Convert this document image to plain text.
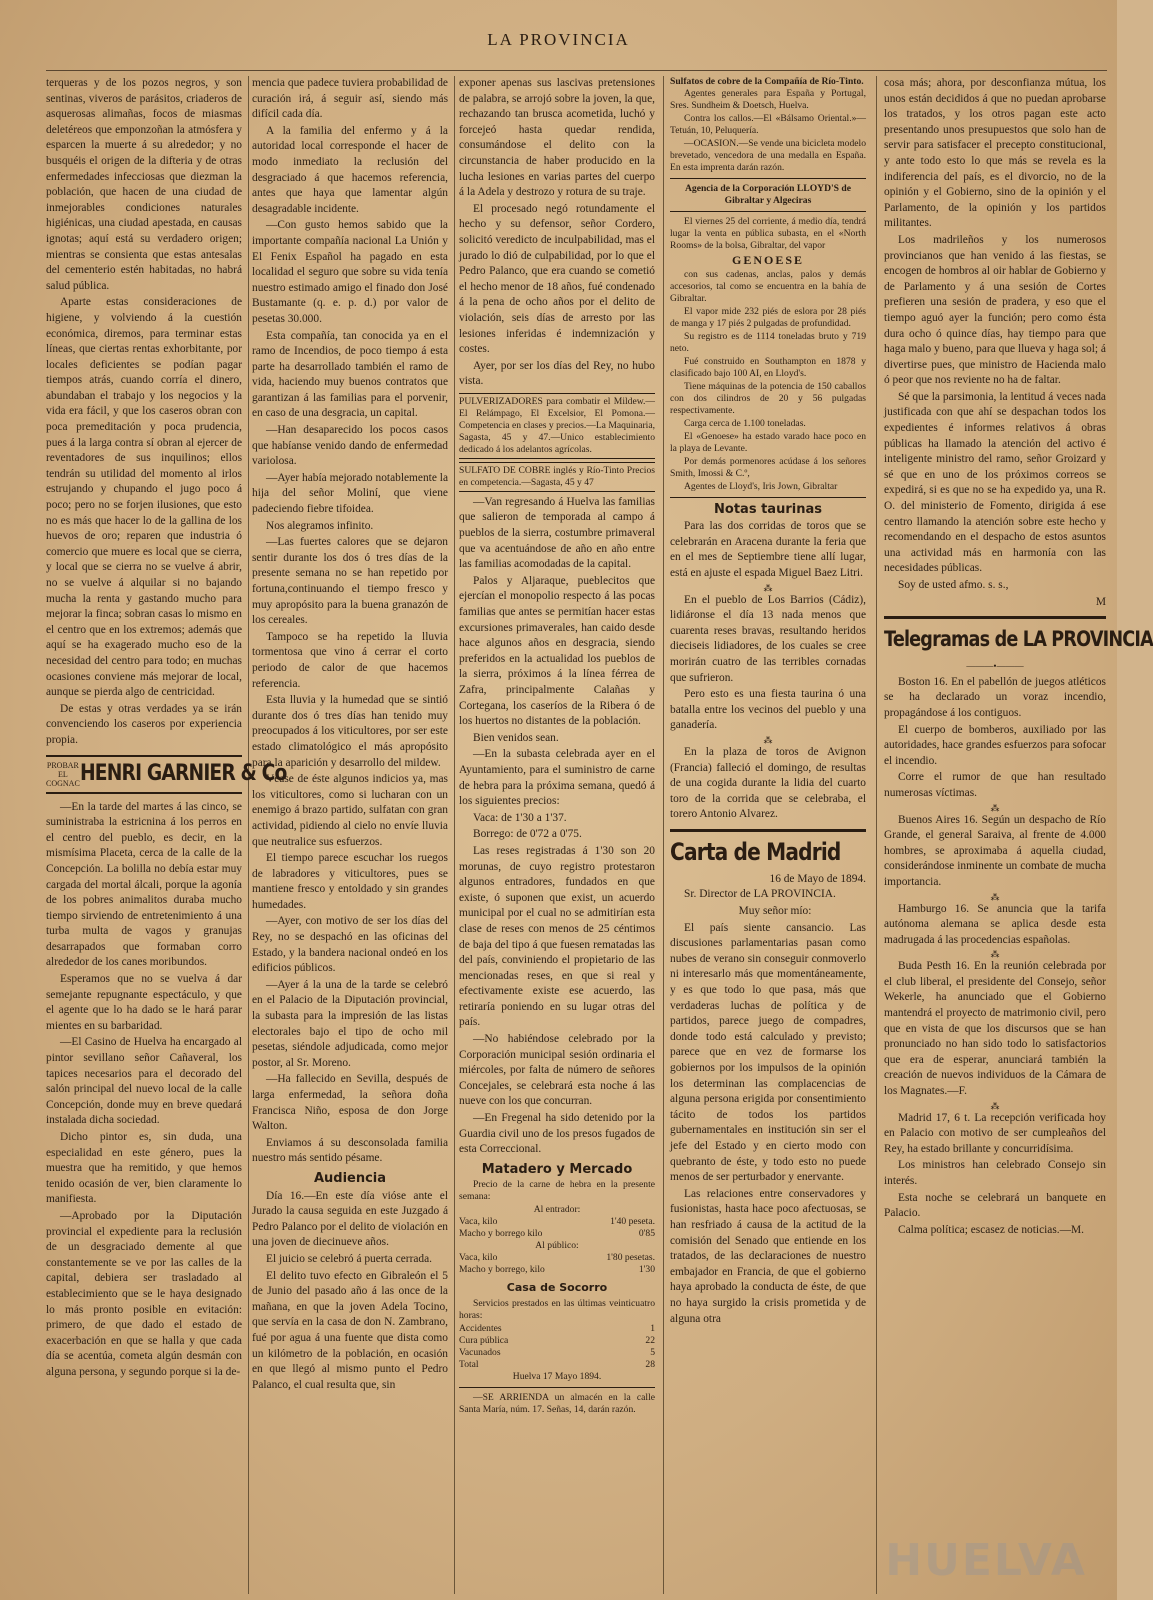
LA PROVINCIA

terqueras y de los pozos negros, y son sentinas, viveros de parásitos, criaderos de asquerosas alimañas, focos de miasmas deletéreos que emponzoñan la atmósfera y esparcen la muerte á su alrededor; y no busquéis el origen de la difteria y de otras enfermedades infecciosas que diezman la población, que hacen de una ciudad de inmejorables condiciones naturales higiénicas, una ciudad apestada, en causas ignotas; aquí está su verdadero origen; mientras se consienta que estas antesalas del cementerio estén habitadas, no habrá salud pública.

Aparte estas consideraciones de higiene, y volviendo á la cuestión económica, diremos, para terminar estas líneas, que ciertas rentas exhorbitante, por locales deficientes se podían pagar tiempos atrás, cuando corría el dinero, abundaban el trabajo y los negocios y la vida era fácil, y que los caseros obran con poca premeditación y poca prudencia, pues á la larga contra sí obran al ejercer de reventadores de sus inquilinos; ellos tendrán su utilidad del momento al irlos estrujando y chupando el jugo poco á poco; pero no se forjen ilusiones, que esto no es más que hacer lo de la gallina de los huevos de oro; reparen que industria ó comercio que muere es local que se cierra, y local que se cierra no se vuelve á abrir, no se vuelve á alquilar si no bajando mucha la renta y gastando mucho para mejorar la finca; sobran casas lo mismo en el centro que en los extremos; además que aquí se ha exagerado mucho eso de la necesidad del centro para todo; en muchas ocasiones conviene más mejorar de local, aunque se pierda algo de centricidad.

De estas y otras verdades ya se irán convenciendo los caseros por experiencia propia.

PROBAR EL COGNAC HENRI GARNIER & Co

—En la tarde del martes á las cinco, se suministraba la estricnina á los perros en el centro del pueblo, es decir, en la mismísima Placeta, cerca de la calle de la Concepción. La bolilla no debía estar muy cargada del mortal álcali, porque la agonía de los pobres animalitos duraba mucho tiempo sirviendo de entretenimiento á una turba multa de vagos y granujas desarrapados que formaban corro alrededor de los canes moribundos.

Esperamos que no se vuelva á dar semejante repugnante espectáculo, y que el agente que lo ha dado se le hará parar mientes en su barbaridad.

—El Casino de Huelva ha encargado al pintor sevillano señor Cañaveral, los tapices necesarios para el decorado del salón principal del nuevo local de la calle Concepción, donde muy en breve quedará instalada dicha sociedad.

Dicho pintor es, sin duda, una especialidad en este género, pues la muestra que ha remitido, y que hemos tenido ocasión de ver, bien claramente lo manifiesta.

—Aprobado por la Diputación provincial el expediente para la reclusión de un desgraciado demente al que constantemente se ve por las calles de la capital, debiera ser trasladado al establecimiento que se le haya designado lo más pronto posible en evitación: primero, de que dado el estado de exacerbación en que se halla y que cada día se acentúa, cometa algún desmán con alguna persona, y segundo porque si la de-

mencia que padece tuviera probabilidad de curación irá, á seguir así, siendo más difícil cada día.

A la familia del enfermo y á la autoridad local corresponde el hacer de modo inmediato la reclusión del desgraciado á que hacemos referencia, antes que haya que lamentar algún desagradable incidente.

—Con gusto hemos sabido que la importante compañía nacional La Unión y El Fenix Español ha pagado en esta localidad el seguro que sobre su vida tenía nuestro estimado amigo el finado don José Bustamante (q. e. p. d.) por valor de pesetas 30.000.

Esta compañía, tan conocida ya en el ramo de Incendios, de poco tiempo á esta parte ha desarrollado también el ramo de vida, haciendo muy buenos contratos que garantizan á las familias para el porvenir, en caso de una desgracia, un capital.

—Han desaparecido los pocos casos que habíanse venido dando de enfermedad variolosa.

—Ayer había mejorado notablemente la hija del señor Moliní, que viene padeciendo fiebre tifoidea.

Nos alegramos infinito.

—Las fuertes calores que se dejaron sentir durante los dos ó tres días de la presente semana no se han repetido por fortuna,continuando el tiempo fresco y muy apropósito para la buena granazón de los cereales.

Tampoco se ha repetido la lluvia tormentosa que vino á cerrar el corto periodo de calor de que hacemos referencia.

Esta lluvia y la humedad que se sintió durante dos ó tres días han tenido muy preocupados á los viticultores, por ser este estado climatológico el más apropósito para la aparición y desarrollo del mildew.

Véase de éste algunos indicios ya, mas los viticultores, como si lucharan con un enemigo á brazo partido, sulfatan con gran actividad, pidiendo al cielo no envíe lluvia que neutralice sus esfuerzos.

El tiempo parece escuchar los ruegos de labradores y viticultores, pues se mantiene fresco y entoldado y sin grandes humedades.

—Ayer, con motivo de ser los días del Rey, no se despachó en las oficinas del Estado, y la bandera nacional ondeó en los edificios públicos.

—Ayer á la una de la tarde se celebró en el Palacio de la Diputación provincial, la subasta para la impresión de las listas electorales bajo el tipo de ocho mil pesetas, siéndole adjudicada, como mejor postor, al Sr. Moreno.

—Ha fallecido en Sevilla, después de larga enfermedad, la señora doña Francisca Niño, esposa de don Jorge Walton.

Enviamos á su desconsolada familia nuestro más sentido pésame.

Audiencia

Día 16.—En este día vióse ante el Jurado la causa seguida en este Juzgado á Pedro Palanco por el delito de violación en una joven de diecinueve años.

El juicio se celebró á puerta cerrada.

El delito tuvo efecto en Gibraleón el 5 de Junio del pasado año á las once de la mañana, en que la joven Adela Tocino, que servía en la casa de don N. Zambrano, fué por agua á una fuente que dista como un kilómetro de la población, en ocasión en que llegó al mismo punto el Pedro Palanco, el cual resulta que, sin

exponer apenas sus lascivas pretensiones de palabra, se arrojó sobre la joven, la que, rechazando tan brusca acometida, luchó y forcejeó hasta quedar rendida, consumándose el delito con la circunstancia de haber producido en la lucha lesiones en varias partes del cuerpo á la Adela y destrozo y rotura de su traje.

El procesado negó rotundamente el hecho y su defensor, señor Cordero, solicitó veredicto de inculpabilidad, mas el jurado lo dió de culpabilidad, por lo que el Pedro Palanco, que era cuando se cometió el hecho menor de 18 años, fué condenado á la pena de ocho años por el delito de violación, seis días de arresto por las lesiones inferidas é indemnización y costes.

Ayer, por ser los días del Rey, no hubo vista.

PULVERIZADORES para combatir el Mildew.—El Relámpago, El Excelsior, El Pomona.—Competencia en clases y precios.—La Maquinaria, Sagasta, 45 y 47.—Unico establecimiento dedicado á los adelantos agrícolas.
SULFATO DE COBRE inglés y Río-Tinto Precios en competencia.—Sagasta, 45 y 47

—Van regresando á Huelva las familias que salieron de temporada al campo á pueblos de la sierra, costumbre primaveral que va acentuándose de año en año entre las familias acomodadas de la capital.

Palos y Aljaraque, pueblecitos que ejercían el monopolio respecto á las pocas familias que antes se permitían hacer estas excursiones primaverales, han caido desde hace algunos años en desgracia, siendo preferidos en la actualidad los pueblos de la sierra, próximos á la línea férrea de Zafra, principalmente Calañas y Cortegana, los caseríos de la Ribera ó de los huertos no distantes de la población.

Bien venidos sean.

—En la subasta celebrada ayer en el Ayuntamiento, para el suministro de carne de hebra para la próxima semana, quedó á los siguientes precios:

Vaca: de 1'30 a 1'37.

Borrego: de 0'72 a 0'75.

Las reses registradas á 1'30 son 20 morunas, de cuyo registro protestaron algunos entradores, fundados en que existe, ó suponen que exist, un acuerdo municipal por el cual no se admitirían esta clase de reses con menos de 25 céntimos de baja del tipo á que fuesen rematadas las del país, conviniendo el propietario de las mencionadas reses, en que si real y efectivamente existe ese acuerdo, las retiraría poniendo en su lugar otras del país.

—No habiéndose celebrado por la Corporación municipal sesión ordinaria el miércoles, por falta de número de señores Concejales, se celebrará esta noche á las nueve con los que concurran.

—En Fregenal ha sido detenido por la Guardia civil uno de los presos fugados de esta Correccional.

Matadero y Mercado

Precio de la carne de hebra en la presente semana:

Al entrador:
Vaca, kilo	1'40 peseta.
Macho y borrego kilo	0'85
Al público:
Vaca, kilo	1'80 pesetas.
Macho y borrego, kilo	1'30
Casa de Socorro

Servicios prestados en las últimas veinticuatro horas:

Accidentes	1
Cura pública	22
Vacunados	5
Total	28
Huelva 17 Mayo 1894.

—SE ARRIENDA un almacén en la calle Santa María, núm. 17. Señas, 14, darán razón.

Sulfatos de cobre de la Compañía de Río-Tinto.

Agentes generales para España y Portugal, Sres. Sundheim & Doetsch, Huelva.

Contra los callos.—El «Bálsamo Oriental.»—Tetuán, 10, Peluquería.

—OCASION.—Se vende una bicicleta modelo brevetado, vencedora de una medalla en España. En esta imprenta darán razón.

Agencia de la Corporación LLOYD'S de Gibraltar y Algeciras

El viernes 25 del corriente, á medio día, tendrá lugar la venta en pública subasta, en el «North Rooms» de la bolsa, Gibraltar, del vapor

GENOESE

con sus cadenas, anclas, palos y demás accesorios, tal como se encuentra en la bahía de Gibraltar.

El vapor mide 232 piés de eslora por 28 piés de manga y 17 piés 2 pulgadas de profundidad.

Su registro es de 1114 toneladas bruto y 719 neto.

Fué construido en Southampton en 1878 y clasificado bajo 100 AI, en Lloyd's.

Tiene máquinas de la potencia de 150 caballos con dos cilindros de 20 y 56 pulgadas respectivamente.

Carga cerca de 1.100 toneladas.

El «Genoese» ha estado varado hace poco en la playa de Levante.

Por demás pormenores acúdase á los señores Smith, Imossi & C.º,

Agentes de Lloyd's, Iris Jown, Gibraltar

Notas taurinas

Para las dos corridas de toros que se celebrarán en Aracena durante la feria que en el mes de Septiembre tiene allí lugar, está en ajuste el espada Miguel Baez Litri.

⁂

En el pueblo de Los Barrios (Cádiz), lidiáronse el día 13 nada menos que cuarenta reses bravas, resultando heridos dieciseis lidiadores, de los cuales se cree morirán cuatro de las terribles cornadas que sufrieron.

Pero esto es una fiesta taurina ó una batalla entre los vecinos del pueblo y una ganadería.

⁂

En la plaza de toros de Avignon (Francia) falleció el domingo, de resultas de una cogida durante la lidia del cuarto toro de la corrida que se celebraba, el torero Antonio Alvarez.

Carta de Madrid
16 de Mayo de 1894.

Sr. Director de LA PROVINCIA.

Muy señor mío:

El país siente cansancio. Las discusiones parlamentarias pasan como nubes de verano sin conseguir conmoverlo ni interesarlo más que momentáneamente, y es que todo lo que pasa, más que verdaderas luchas de política y de partidos, parece juego de compadres, donde todo está calculado y previsto; parece que en vez de formarse los gobiernos por los impulsos de la opinión los determinan las complacencias de alguna persona erigida por consentimiento tácito de todos los partidos gubernamentales en institución sin ser el jefe del Estado y en cierto modo con quebranto de éste, y todo esto no puede menos de ser perturbador y enervante.

Las relaciones entre conservadores y fusionistas, hasta hace poco afectuosas, se han resfriado á causa de la actitud de la comisión del Senado que entiende en los tratados, de las declaraciones de nuestro embajador en Francia, de que el gobierno haya aprobado la conducta de éste, de que no haya surgido la crisis prometida y de alguna otra

cosa más; ahora, por desconfianza mútua, los unos están decididos á que no puedan aprobarse los tratados, y los otros pagan este acto presentando unos presupuestos que solo han de servir para satisfacer el precepto constitucional, y ante todo esto lo que más se revela es la indiferencia del país, es el divorcio, no de la opinión y el Gobierno, sino de la opinión y el Parlamento, de la opinión y los partidos militantes.

Los madrileños y los numerosos provincianos que han venido á las fiestas, se encogen de hombros al oir hablar de Gobierno y de Parlamento y á una sesión de Cortes prefieren una sesión de pradera, y eso que el tiempo aguó ayer la función; pero como ésta dura ocho ó quince días, hay tiempo para que haga malo y bueno, para que llueva y haga sol; á divertirse pues, que ministro de Hacienda malo ó peor que nos reviente no ha de faltar.

Sé que la parsimonia, la lentitud á veces nada justificada con que ahí se despachan todos los expedientes é informes relativos á obras públicas ha llamado la atención del activo é inteligente ministro del ramo, señor Groizard y sé que en uno de los próximos correos se expedirá, si es que no se ha expedido ya, una R. O. del ministerio de Fomento, dirigida á ese centro llamando la atención sobre este hecho y recomendando en el despacho de estos asuntos una actividad más en harmonía con las necesidades públicas.

Soy de usted afmo. s. s.,

M
Telegramas de LA PROVINCIA
———•———

Boston 16. En el pabellón de juegos atléticos se ha declarado un voraz incendio, propagándose á los contiguos.

El cuerpo de bomberos, auxiliado por las autoridades, hace grandes esfuerzos para sofocar el incendio.

Corre el rumor de que han resultado numerosas víctimas.

⁂

Buenos Aires 16. Según un despacho de Río Grande, el general Saraiva, al frente de 4.000 hombres, se aproximaba á aquella ciudad, considerándose inminente un combate de mucha importancia.

⁂

Hamburgo 16. Se anuncia que la tarifa autónoma alemana se aplica desde esta madrugada á las procedencias españolas.

⁂

Buda Pesth 16. En la reunión celebrada por el club liberal, el presidente del Consejo, señor Wekerle, ha anunciado que el Gobierno mantendrá el proyecto de matrimonio civil, pero que en vista de que los discursos que se han pronunciado no han sido todo lo satisfactorios que era de esperar, anunciará también la creación de nuevos individuos de la Cámara de los Magnates.—F.

⁂

Madrid 17, 6 t. La recepción verificada hoy en Palacio con motivo de ser cumpleaños del Rey, ha estado brillante y concurridísima.

Los ministros han celebrado Consejo sin interés.

Esta noche se celebrará un banquete en Palacio.

Calma política; escasez de noticias.—M.

HUELVA
